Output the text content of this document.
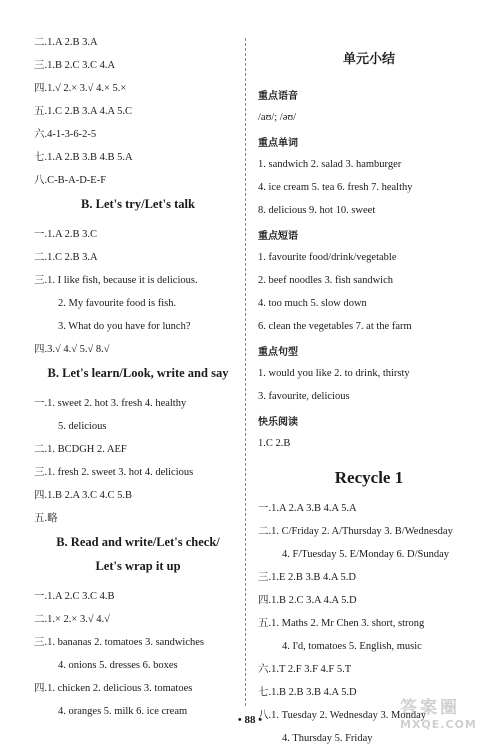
二.1.A 2.B 3.A
三.1.B 2.C 3.C 4.A
四.1.√ 2.× 3.√ 4.× 5.×
五.1.C 2.B 3.A 4.A 5.C
六.4-1-3-6-2-5
七.1.A 2.B 3.B 4.B 5.A
八.C-B-A-D-E-F
B. Let's try/Let's talk
一.1.A 2.B 3.C
二.1.C 2.B 3.A
三.1. I like fish, because it is delicious.
2. My favourite food is fish.
3. What do you have for lunch?
四.3.√ 4.√ 5.√ 8.√
B. Let's learn/Look, write and say
一.1. sweet 2. hot 3. fresh 4. healthy
5. delicious
二.1. BCDGH 2. AEF
三.1. fresh 2. sweet 3. hot 4. delicious
四.1.B 2.A 3.C 4.C 5.B
五.略
B. Read and write/Let's check/
Let's wrap it up
一.1.A 2.C 3.C 4.B
二.1.× 2.× 3.√ 4.√
三.1. bananas 2. tomatoes 3. sandwiches
4. onions 5. dresses 6. boxes
四.1. chicken 2. delicious 3. tomatoes
4. oranges 5. milk 6. ice cream
单元小结
重点语音
/aʊ/; /əʊ/
重点单词
1. sandwich 2. salad 3. hamburger
4. ice cream 5. tea 6. fresh 7. healthy
8. delicious 9. hot 10. sweet
重点短语
1. favourite food/drink/vegetable
2. beef noodles 3. fish sandwich
4. too much 5. slow down
6. clean the vegetables 7. at the farm
重点句型
1. would you like 2. to drink, thirsty
3. favourite, delicious
快乐阅读
1.C 2.B
Recycle 1
一.1.A 2.A 3.B 4.A 5.A
二.1. C/Friday 2. A/Thursday 3. B/Wednesday
4. F/Tuesday 5. E/Monday 6. D/Sunday
三.1.E 2.B 3.B 4.A 5.D
四.1.B 2.C 3.A 4.A 5.D
五.1. Maths 2. Mr Chen 3. short, strong
4. I'd, tomatoes 5. English, music
六.1.T 2.F 3.F 4.F 5.T
七.1.B 2.B 3.B 4.A 5.D
八.1. Tuesday 2. Wednesday 3. Monday
4. Thursday 5. Friday
• 88 •
答案圈
MXQE.COM
